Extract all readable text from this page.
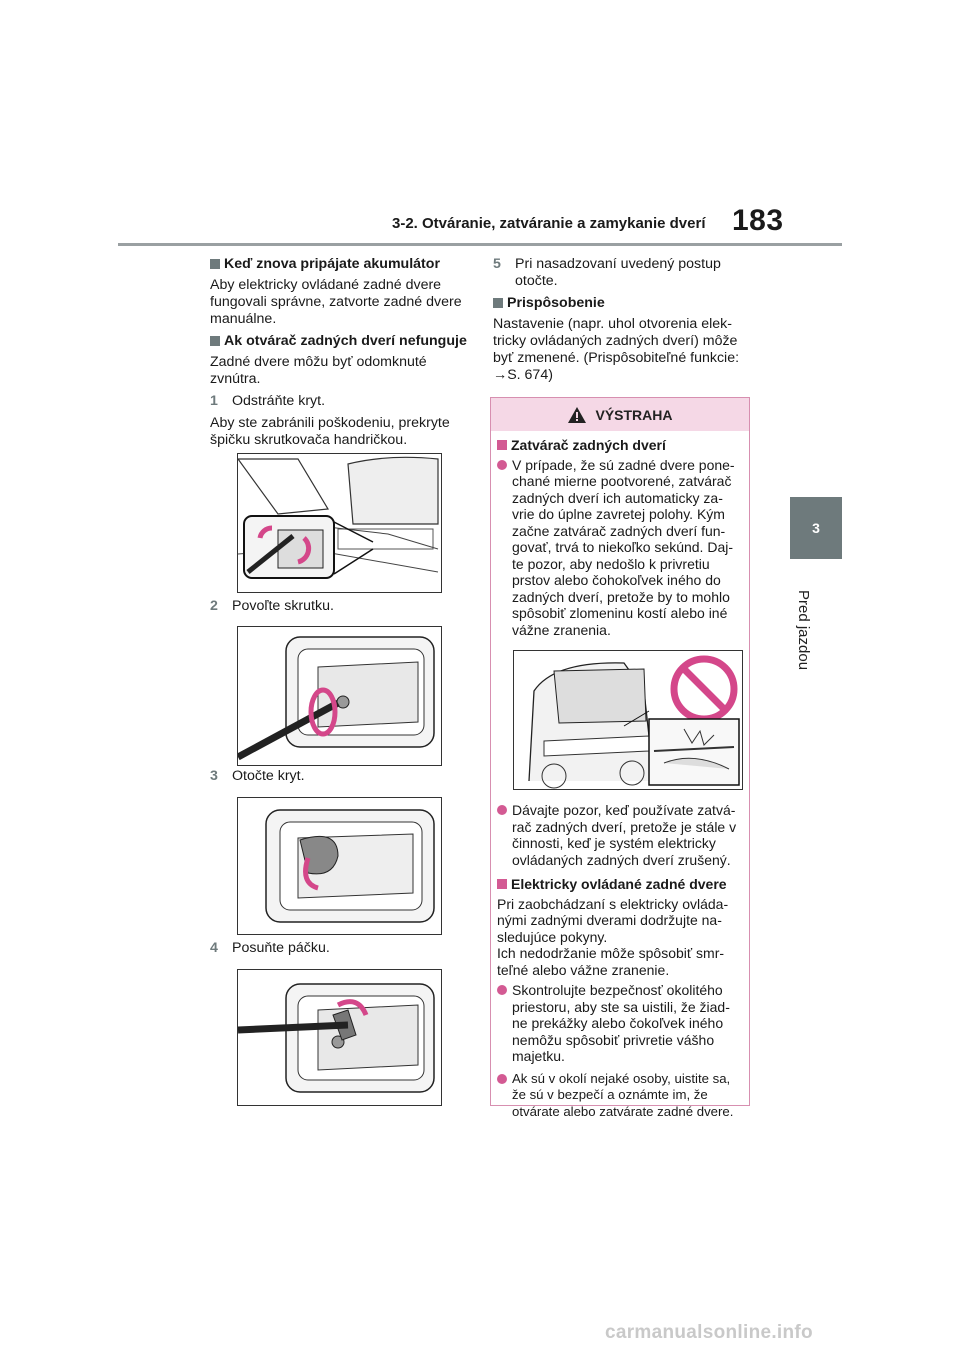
3-2. Otváranie, zatváranie a zamykanie dverí 183
3
Pred jazdou
Keď znova pripájate akumulátor

Aby elektricky ovládané zadné dvere fungovali správne, zatvorte zadné dvere manuálne.

Ak otvárač zadných dverí nefunguje

Zadné dvere môžu byť odomknuté zvnútra.

1 Odstráňte kryt.

Aby ste zabránili poškodeniu, prekryte špičku skrutkovača handričkou.

2 Povoľte skrutku.
3 Otočte kryt.
4 Posuňte páčku.
5 Pri nasadzovaní uvedený postup otočte.
Prispôsobenie

Nastavenie (napr. uhol otvorenia elek-tricky ovládaných zadných dverí) môže byť zmenené. (Prispôsobiteľné funkcie: →S. 674)

VÝSTRAHA
Zatvárač zadných dverí
V prípade, že sú zadné dvere pone-chané mierne pootvorené, zatvárač zadných dverí ich automaticky za-vrie do úplne zavretej polohy. Kým začne zatvárač zadných dverí fun-govať, trvá to niekoľko sekúnd. Daj-te pozor, aby nedošlo k privretiu prstov alebo čohokoľvek iného do zadných dverí, pretože by to mohlo spôsobiť zlomeninu kostí alebo iné vážne zranenia.
Dávajte pozor, keď používate zatvá-rač zadných dverí, pretože je stále v činnosti, keď je systém elektricky ovládaných zadných dverí zrušený.
Elektricky ovládané zadné dvere

Pri zaobchádzaní s elektricky ovláda-nými zadnými dverami dodržujte na-sledujúce pokyny.

Ich nedodržanie môže spôsobiť smr-teľné alebo vážne zranenie.

Skontrolujte bezpečnosť okolitého priestoru, aby ste sa uistili, že žiad-ne prekážky alebo čokoľvek iného nemôžu spôsobiť privretie vášho majetku.
Ak sú v okolí nejaké osoby, uistite sa, že sú v bezpečí a oznámte im, že otvárate alebo zatvárate zadné dvere.
carmanualsonline.info
